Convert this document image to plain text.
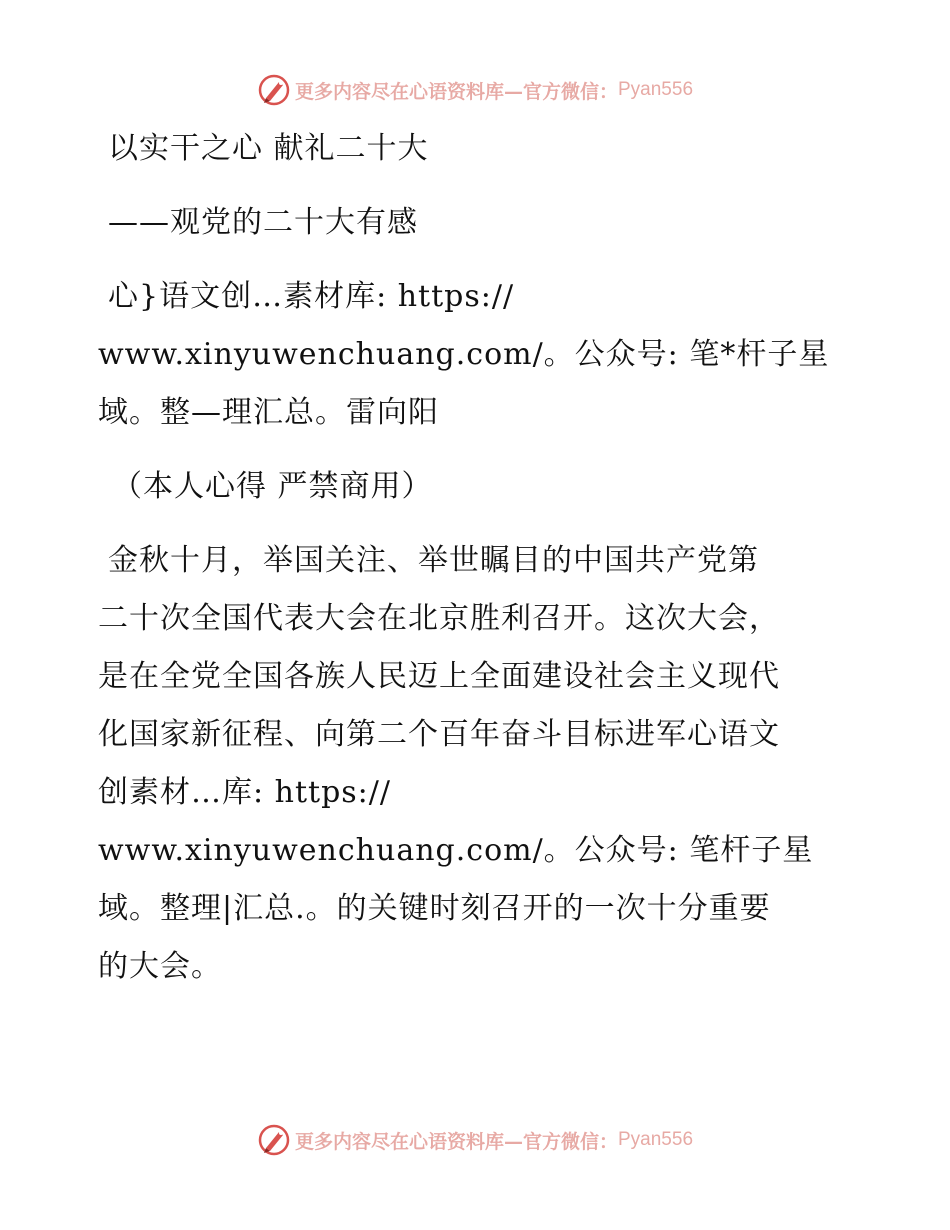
更多内容尽在心语资料库—官方微信： Pyan556
以实干之心 献礼二十大
——观党的二十大有感
心}语文创…素材库: https://
www.xinyuwenchuang.com/。公众号: 笔*杆子星
域。整—理汇总。雷向阳
（本人心得 严禁商用）
金秋十月，举国关注、举世瞩目的中国共产党第
二十次全国代表大会在北京胜利召开。这次大会，
是在全党全国各族人民迈上全面建设社会主义现代
化国家新征程、向第二个百年奋斗目标进军心语文
创素材…库: https://
www.xinyuwenchuang.com/。公众号: 笔杆子星
域。整理|汇总.。的关键时刻召开的一次十分重要
的大会。
更多内容尽在心语资料库—官方微信： Pyan556
